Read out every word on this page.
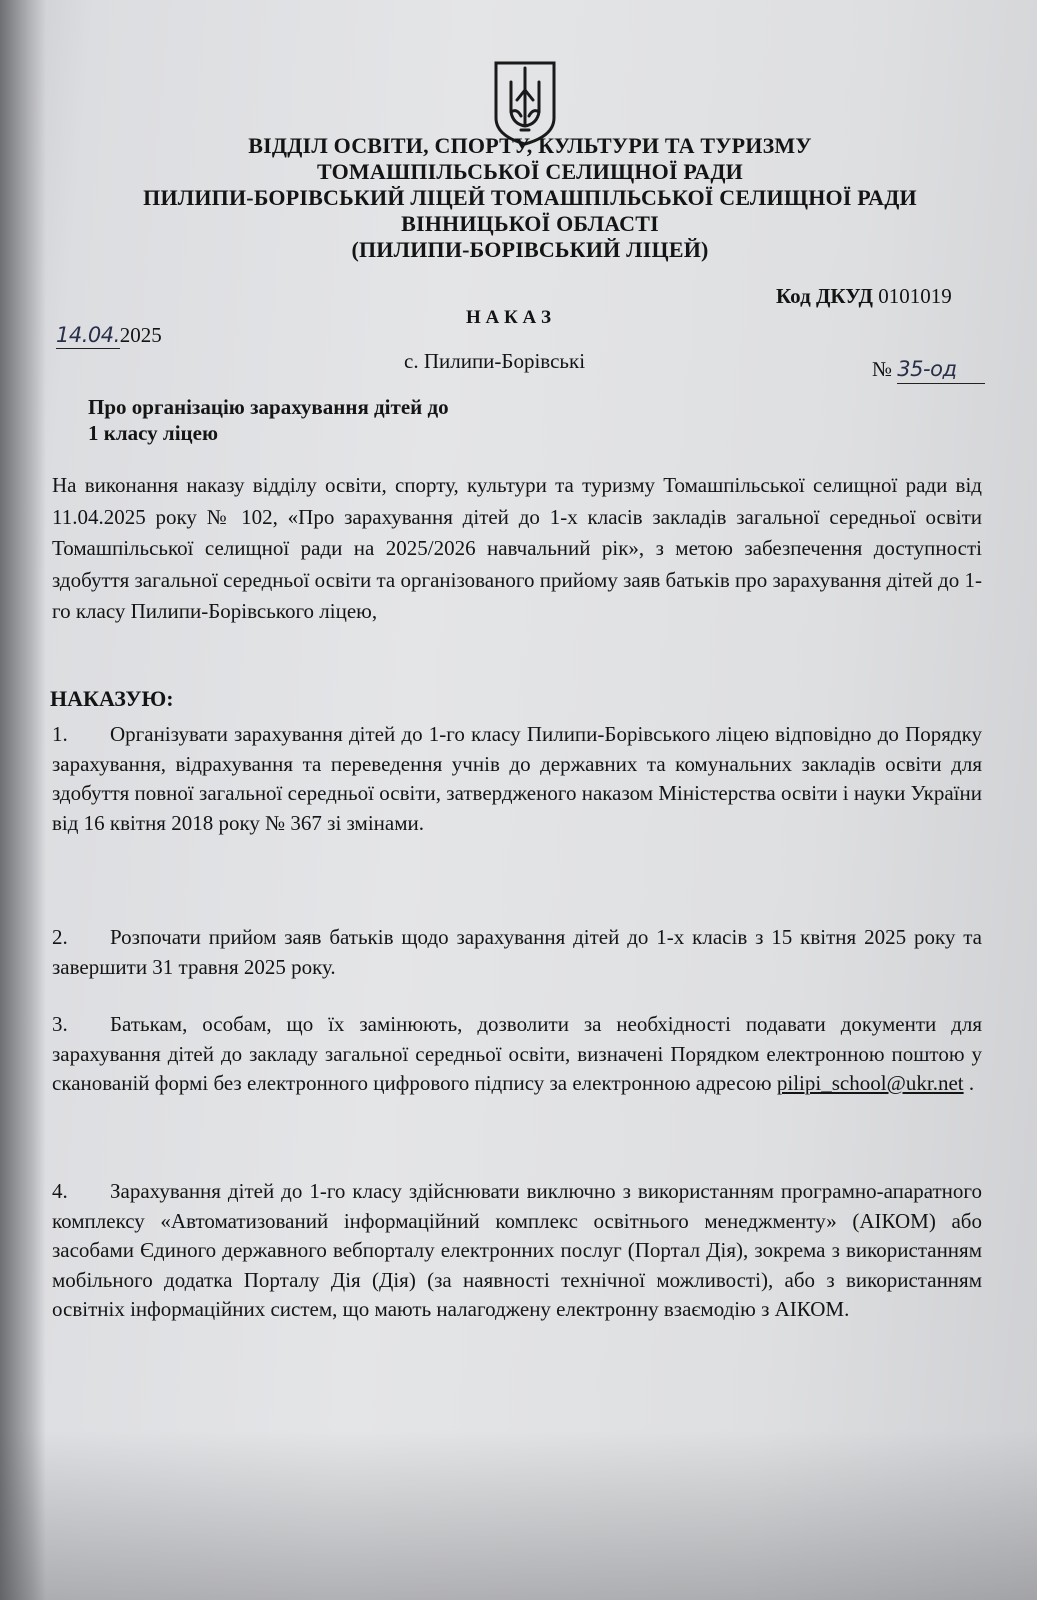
ВІДДІЛ ОСВІТИ, СПОРТУ, КУЛЬТУРИ ТА ТУРИЗМУ
ТОМАШПІЛЬСЬКОЇ СЕЛИЩНОЇ РАДИ
ПИЛИПИ-БОРІВСЬКИЙ ЛІЦЕЙ ТОМАШПІЛЬСЬКОЇ СЕЛИЩНОЇ РАДИ
ВІННИЦЬКОЇ ОБЛАСТІ
(ПИЛИПИ-БОРІВСЬКИЙ ЛІЦЕЙ)
Код ДКУД 0101019
Н А К А З
14.04.2025
с. Пилипи-Борівські	№ 35-од
Про організацію зарахування дітей до
1 класу ліцею
На виконання наказу відділу освіти, спорту, культури та туризму Томашпільської селищної ради від 11.04.2025 року № 102, «Про зарахування дітей до 1-х класів закладів загальної середньої освіти Томашпільської селищної ради на 2025/2026 навчальний рік», з метою забезпечення доступності здобуття загальної середньої освіти та організованого прийому заяв батьків про зарахування дітей до 1-го класу Пилипи-Борівського ліцею,
НАКАЗУЮ:
1. Організувати зарахування дітей до 1-го класу Пилипи-Борівського ліцею відповідно до Порядку зарахування, відрахування та переведення учнів до державних та комунальних закладів освіти для здобуття повної загальної середньої освіти, затвердженого наказом Міністерства освіти і науки України від 16 квітня 2018 року № 367 зі змінами.
2. Розпочати прийом заяв батьків щодо зарахування дітей до 1-х класів з 15 квітня 2025 року та завершити 31 травня 2025 року.
3. Батькам, особам, що їх замінюють, дозволити за необхідності подавати документи для зарахування дітей до закладу загальної середньої освіти, визначені Порядком електронною поштою у сканованій формі без електронного цифрового підпису за електронною адресою pilipi_school@ukr.net .
4. Зарахування дітей до 1-го класу здійснювати виключно з використанням програмно-апаратного комплексу «Автоматизований інформаційний комплекс освітнього менеджменту» (АІКОМ) або засобами Єдиного державного вебпорталу електронних послуг (Портал Дія), зокрема з використанням мобільного додатка Порталу Дія (Дія) (за наявності технічної можливості), або з використанням освітніх інформаційних систем, що мають налагоджену електронну взаємодію з АІКОМ.
